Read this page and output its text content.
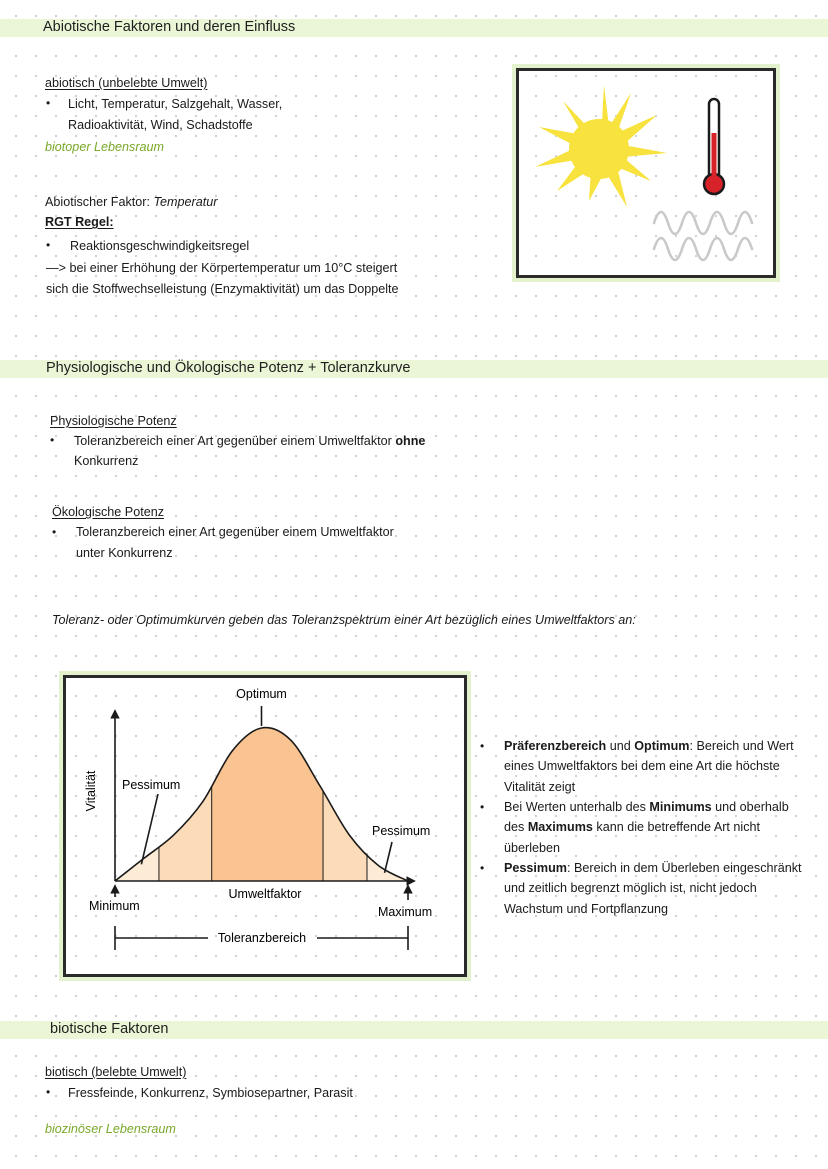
Abiotische Faktoren und deren Einfluss
abiotisch (unbelebte Umwelt)
• Licht, Temperatur, Salzgehalt, Wasser,
Radioaktivität, Wind, Schadstoffe
biotoper Lebensraum
Abiotischer Faktor: Temperatur
RGT Regel:
• Reaktionsgeschwindigkeitsregel
—> bei einer Erhöhung der Körpertemperatur um 10°C steigert
sich die Stoffwechselleistung (Enzymaktivität) um das Doppelte
Physiologische und Ökologische Potenz + Toleranzkurve
Physiologische Potenz
• Toleranzbereich einer Art gegenüber einem Umweltfaktor ohne
Konkurrenz
Ökologische Potenz
• Toleranzbereich einer Art gegenüber einem Umweltfaktor
unter Konkurrenz
Toleranz- oder Optimumkurven geben das Toleranzspektrum einer Art bezüglich eines Umweltfaktors an:
Vitalität
Umweltfaktor
Optimum
Pessimum
Pessimum
Minimum	Maximum
Toleranzbereich
• Präferenzbereich und Optimum: Bereich und Wert eines Umweltfaktors bei dem eine Art die höchste Vitalität zeigt
• Bei Werten unterhalb des Minimums und oberhalb des Maximums kann die betreffende Art nicht überleben
• Pessimum: Bereich in dem Überleben eingeschränkt und zeitlich begrenzt möglich ist, nicht jedoch Wachstum und Fortpflanzung
biotische Faktoren
biotisch (belebte Umwelt)
• Fressfeinde, Konkurrenz, Symbiosepartner, Parasit
biozinöser Lebensraum
